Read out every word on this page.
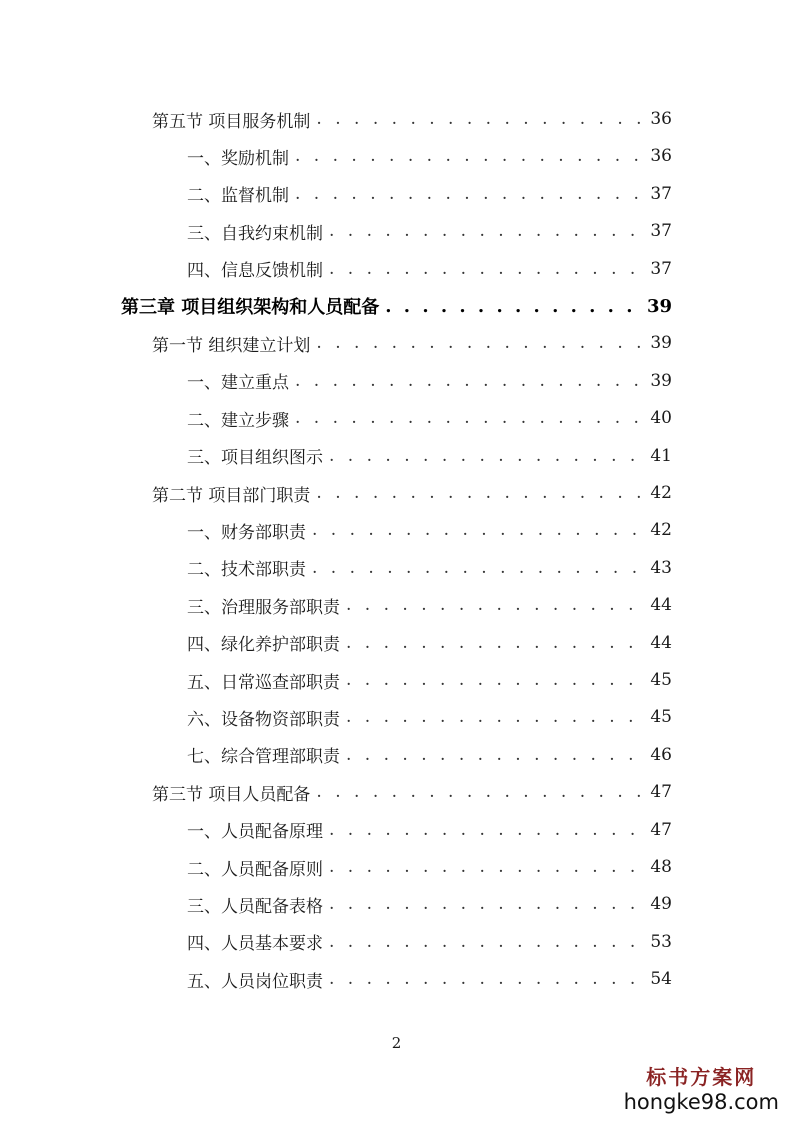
第五节 项目服务机制 . . .	36
一、奖励机制 . . .	36
二、监督机制 . . .	37
三、自我约束机制 . . .	37
四、信息反馈机制 . . .	37
第三章 项目组织架构和人员配备 . . .	39
第一节 组织建立计划 . . .	39
一、建立重点 . . .	39
二、建立步骤 . . .	40
三、项目组织图示 . . .	41
第二节 项目部门职责 . . .	42
一、财务部职责 . . .	42
二、技术部职责 . . .	43
三、治理服务部职责 . . .	44
四、绿化养护部职责 . . .	44
五、日常巡查部职责 . . .	45
六、设备物资部职责 . . .	45
七、综合管理部职责 . . .	46
第三节 项目人员配备 . . .	47
一、人员配备原理 . . .	47
二、人员配备原则 . . .	48
三、人员配备表格 . . .	49
四、人员基本要求 . . .	53
五、人员岗位职责 . . .	54
2
标书方案网
hongke98.com
